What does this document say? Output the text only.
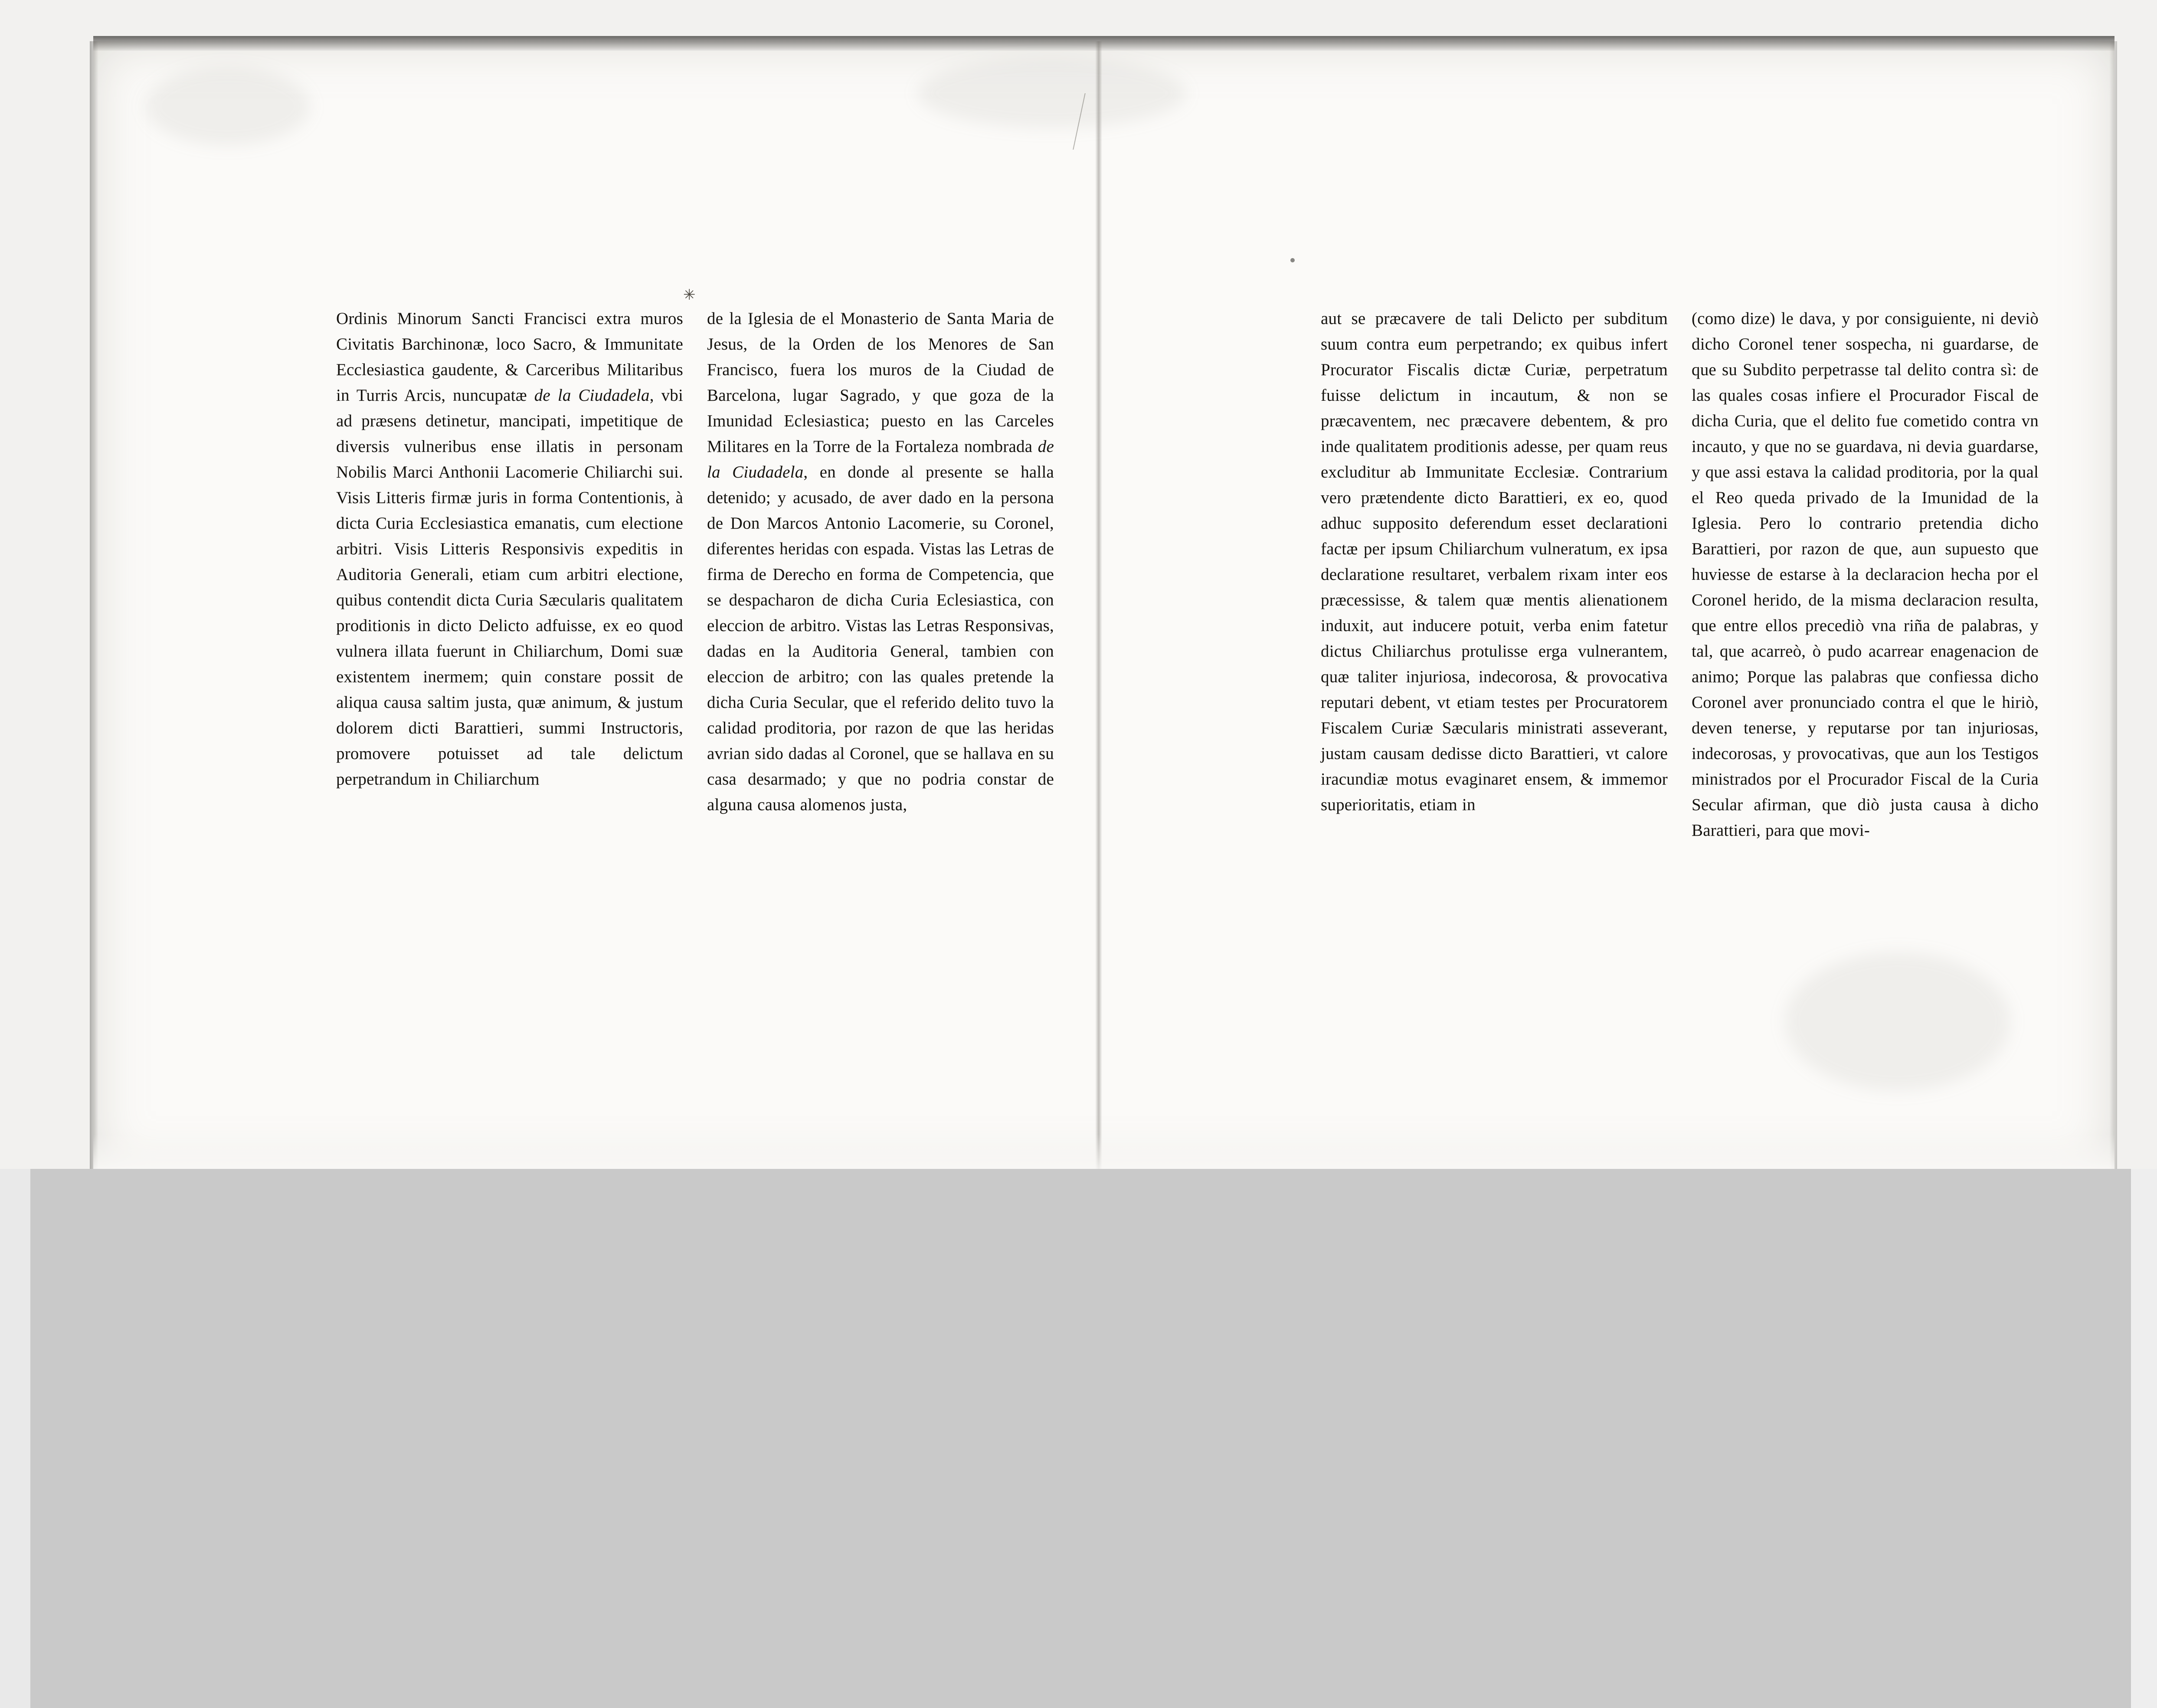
✳

Ordinis Minorum Sancti Francisci extra muros Civitatis Barchinonæ, loco Sacro, & Immunitate Ecclesiastica gaudente, & Carceribus Militaribus in Turris Arcis, nuncupatæ de la Ciudadela, vbi ad præsens detinetur, mancipati, impetitique de diversis vulneribus ense illatis in personam Nobilis Marci Anthonii Lacomerie Chiliarchi sui. Visis Litteris firmæ juris in forma Contentionis, à dicta Curia Ecclesiastica emanatis, cum electione arbitri. Visis Litteris Responsivis expeditis in Auditoria Generali, etiam cum arbitri electione, quibus contendit dicta Curia Sæcularis qualitatem proditionis in dicto Delicto adfuisse, ex eo quod vulnera illata fuerunt in Chiliarchum, Domi suæ existentem inermem; quin constare possit de aliqua causa saltim justa, quæ animum, & justum dolorem dicti Barattieri, summi Instructoris, promovere potuisset ad tale delictum perpetrandum in Chiliarchum

de la Iglesia de el Monasterio de Santa Maria de Jesus, de la Orden de los Menores de San Francisco, fuera los muros de la Ciudad de Barcelona, lugar Sagrado, y que goza de la Imunidad Eclesiastica; puesto en las Carceles Militares en la Torre de la Fortaleza nombrada de la Ciudadela, en donde al presente se halla detenido; y acusado, de aver dado en la persona de Don Marcos Antonio Lacomerie, su Coronel, diferentes heridas con espada. Vistas las Letras de firma de Derecho en forma de Competencia, que se despacharon de dicha Curia Eclesiastica, con eleccion de arbitro. Vistas las Letras Responsivas, dadas en la Auditoria General, tambien con eleccion de arbitro; con las quales pretende la dicha Curia Secular, que el referido delito tuvo la calidad proditoria, por razon de que las heridas avrian sido dadas al Coronel, que se hallava en su casa desarmado; y que no podria constar de alguna causa alomenos justa,

aut se præcavere de tali Delicto per subditum suum contra eum perpetrando; ex quibus infert Procurator Fiscalis dictæ Curiæ, perpetratum fuisse delictum in incautum, & non se præcaventem, nec præcavere debentem, & pro inde qualitatem proditionis adesse, per quam reus excluditur ab Immunitate Ecclesiæ. Contrarium vero prætendente dicto Barattieri, ex eo, quod adhuc supposito deferendum esset declarationi factæ per ipsum Chiliarchum vulneratum, ex ipsa declaratione resultaret, verbalem rixam inter eos præcessisse, & talem quæ mentis alienationem induxit, aut inducere potuit, verba enim fatetur dictus Chiliarchus protulisse erga vulnerantem, quæ taliter injuriosa, indecorosa, & provocativa reputari debent, vt etiam testes per Procuratorem Fiscalem Curiæ Sæcularis ministrati asseverant, justam causam dedisse dicto Barattieri, vt calore iracundiæ motus evaginaret ensem, & immemor superioritatis, etiam in

(como dize) le dava, y por consiguiente, ni deviò dicho Coronel tener sospecha, ni guardarse, de que su Subdito perpetrasse tal delito contra sì: de las quales cosas infiere el Procurador Fiscal de dicha Curia, que el delito fue cometido contra vn incauto, y que no se guardava, ni devia guardarse, y que assi estava la calidad proditoria, por la qual el Reo queda privado de la Imunidad de la Iglesia. Pero lo contrario pretendia dicho Barattieri, por razon de que, aun supuesto que huviesse de estarse à la declaracion hecha por el Coronel herido, de la misma declaracion resulta, que entre ellos precediò vna riña de palabras, y tal, que acarreò, ò pudo acarrear enagenacion de animo; Porque las palabras que confiessa dicho Coronel aver pronunciado contra el que le hiriò, deven tenerse, y reputarse por tan injuriosas, indecorosas, y provocativas, que aun los Testigos ministrados por el Procurador Fiscal de la Curia Secular afirman, que diò justa causa à dicho Barattieri, para que movi-
